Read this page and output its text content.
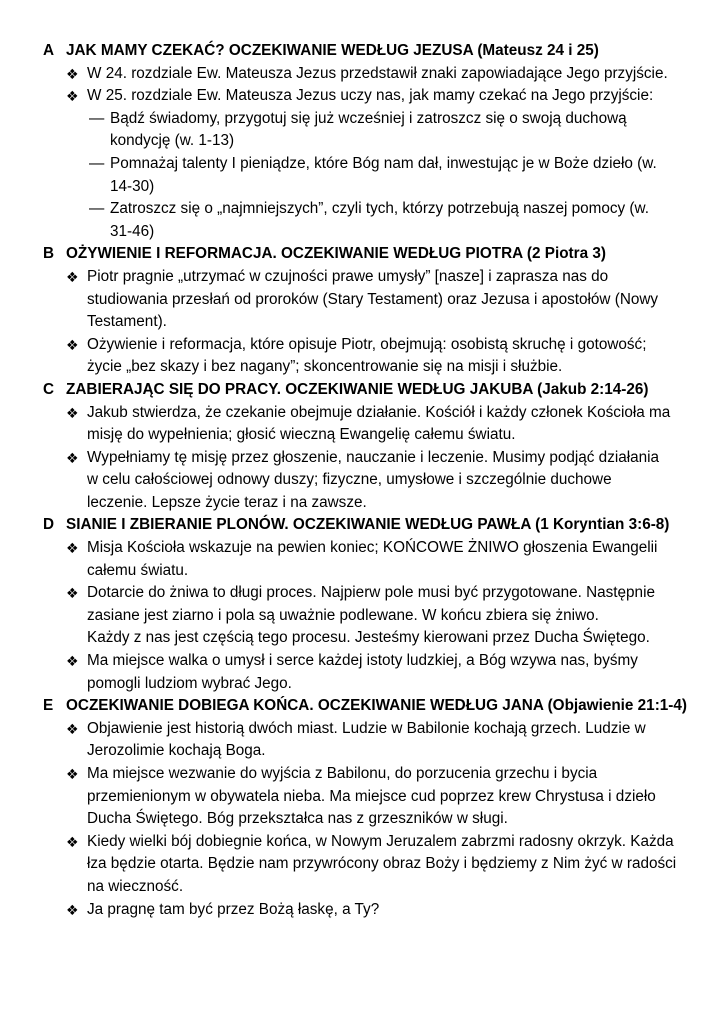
A JAK MAMY CZEKAĆ? OCZEKIWANIE WEDŁUG JEZUSA (Mateusz 24 i 25)
❖ W 24. rozdziale Ew. Mateusza Jezus przedstawił znaki zapowiadające Jego przyjście.
❖ W 25. rozdziale Ew. Mateusza Jezus uczy nas, jak mamy czekać na Jego przyjście:
— Bądź świadomy, przygotuj się już wcześniej i zatroszcz się o swoją duchową
kondycję (w. 1-13)
— Pomnażaj talenty I pieniądze, które Bóg nam dał, inwestując je w Boże dzieło (w.
14-30)
— Zatroszcz się o „najmniejszych”, czyli tych, którzy potrzebują naszej pomocy (w.
31-46)
B OŻYWIENIE I REFORMACJA. OCZEKIWANIE WEDŁUG PIOTRA (2 Piotra 3)
❖ Piotr pragnie „utrzymać w czujności prawe umysły” [nasze] i zaprasza nas do
studiowania przesłań od proroków (Stary Testament) oraz Jezusa i apostołów (Nowy
Testament).
❖ Ożywienie i reformacja, które opisuje Piotr, obejmują: osobistą skruchę i gotowość;
życie „bez skazy i bez nagany”; skoncentrowanie się na misji i służbie.
C ZABIERAJĄC SIĘ DO PRACY. OCZEKIWANIE WEDŁUG JAKUBA (Jakub 2:14-26)
❖ Jakub stwierdza, że czekanie obejmuje działanie. Kościół i każdy członek Kościoła ma
misję do wypełnienia; głosić wieczną Ewangelię całemu światu.
❖ Wypełniamy tę misję przez głoszenie, nauczanie i leczenie. Musimy podjąć działania
w celu całościowej odnowy duszy; fizyczne, umysłowe i szczególnie duchowe
leczenie. Lepsze życie teraz i na zawsze.
D SIANIE I ZBIERANIE PLONÓW. OCZEKIWANIE WEDŁUG PAWŁA (1 Koryntian 3:6-8)
❖ Misja Kościoła wskazuje na pewien koniec; KOŃCOWE ŻNIWO głoszenia Ewangelii
całemu światu.
❖ Dotarcie do żniwa to długi proces. Najpierw pole musi być przygotowane. Następnie
zasiane jest ziarno i pola są uważnie podlewane. W końcu zbiera się żniwo.
Każdy z nas jest częścią tego procesu. Jesteśmy kierowani przez Ducha Świętego.
❖ Ma miejsce walka o umysł i serce każdej istoty ludzkiej, a Bóg wzywa nas, byśmy
pomogli ludziom wybrać Jego.
E OCZEKIWANIE DOBIEGA KOŃCA. OCZEKIWANIE WEDŁUG JANA (Objawienie 21:1-4)
❖ Objawienie jest historią dwóch miast. Ludzie w Babilonie kochają grzech. Ludzie w
Jerozolimie kochają Boga.
❖ Ma miejsce wezwanie do wyjścia z Babilonu, do porzucenia grzechu i bycia
przemienionym w obywatela nieba. Ma miejsce cud poprzez krew Chrystusa i dzieło
Ducha Świętego. Bóg przekształca nas z grzeszników w sługi.
❖ Kiedy wielki bój dobiegnie końca, w Nowym Jeruzalem zabrzmi radosny okrzyk. Każda
łza będzie otarta. Będzie nam przywrócony obraz Boży i będziemy z Nim żyć w radości
na wieczność.
❖ Ja pragnę tam być przez Bożą łaskę, a Ty?
